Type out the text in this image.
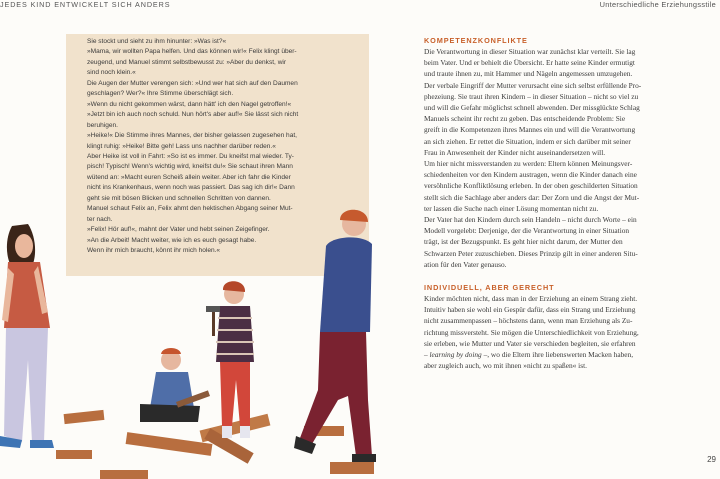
JEDES KIND ENTWICKELT SICH ANDERS	Unterschiedliche Erziehungsstile

Sie stockt und sieht zu ihm hinunter: »Was ist?«

»Mama, wir wollten Papa helfen. Und das können wir!« Felix klingt über-

zeugend, und Manuel stimmt selbstbewusst zu: »Aber du denkst, wir

sind noch klein.«

Die Augen der Mutter verengen sich: »Und wer hat sich auf den Daumen

geschlagen? Wer?« Ihre Stimme überschlägt sich.

»Wenn du nicht gekommen wärst, dann hätt' ich den Nagel getroffen!«

»Jetzt bin ich auch noch schuld. Nun hört's aber auf!« Sie lässt sich nicht

beruhigen.

»Heike!« Die Stimme ihres Mannes, der bisher gelassen zugesehen hat,

klingt ruhig: »Heike! Bitte geh! Lass uns nachher darüber reden.«

Aber Heike ist voll in Fahrt: »So ist es immer. Du kneifst mal wieder. Ty-

pisch! Typisch! Wenn's wichtig wird, kneifst du!« Sie schaut ihren Mann

wütend an: »Macht euren Scheiß allein weiter. Aber ich fahr die Kinder

nicht ins Krankenhaus, wenn noch was passiert. Das sag ich dir!« Dann

geht sie mit bösen Blicken und schnellen Schritten von dannen.

Manuel schaut Felix an, Felix ahmt den hektischen Abgang seiner Mut-

ter nach.

»Felix! Hör auf!«, mahnt der Vater und hebt seinen Zeigefinger.

»An die Arbeit! Macht weiter, wie ich es euch gesagt habe.

Wenn ihr mich braucht, könnt ihr mich holen.«

KOMPETENZKONFLIKTE

Die Verantwortung in dieser Situation war zunächst klar verteilt. Sie lag

beim Vater. Und er behielt die Übersicht. Er hatte seine Kinder ermutigt

und traute ihnen zu, mit Hammer und Nägeln angemessen umzugehen.

Der verbale Eingriff der Mutter verursacht eine sich selbst erfüllende Pro-

phezeiung. Sie traut ihren Kindern – in dieser Situation – nicht so viel zu

und will die Gefahr möglichst schnell abwenden. Der missglückte Schlag

Manuels scheint ihr recht zu geben. Das entscheidende Problem: Sie

greift in die Kompetenzen ihres Mannes ein und will die Verantwortung

an sich ziehen. Er rettet die Situation, indem er sich darüber mit seiner

Frau in Anwesenheit der Kinder nicht auseinandersetzen will.

Um hier nicht missverstanden zu werden: Eltern können Meinungsver-

schiedenheiten vor den Kindern austragen, wenn die Kinder danach eine

versöhnliche Konfliktlösung erleben. In der oben geschilderten Situation

stellt sich die Sachlage aber anders dar: Der Zorn und die Angst der Mut-

ter lassen die Suche nach einer Lösung momentan nicht zu.

Der Vater hat den Kindern durch sein Handeln – nicht durch Worte – ein

Modell vorgelebt: Derjenige, der die Verantwortung in einer Situation

trägt, ist der Bezugspunkt. Es geht hier nicht darum, der Mutter den

Schwarzen Peter zuzuschieben. Dieses Prinzip gilt in einer anderen Situ-

ation für den Vater genauso.

INDIVIDUELL, ABER GERECHT

Kinder möchten nicht, dass man in der Erziehung an einem Strang zieht.

Intuitiv haben sie wohl ein Gespür dafür, dass ein Strang und Erziehung

nicht zusammenpassen – höchstens dann, wenn man Erziehung als Zu-

richtung missversteht. Sie mögen die Unterschiedlichkeit von Erziehung,

sie erleben, wie Mutter und Vater sie verschieden begleiten, sie erfahren

– learning by doing –, wo die Eltern ihre liebenswerten Macken haben,

aber zugleich auch, wo mit ihnen »nicht zu spaßen« ist.

29
